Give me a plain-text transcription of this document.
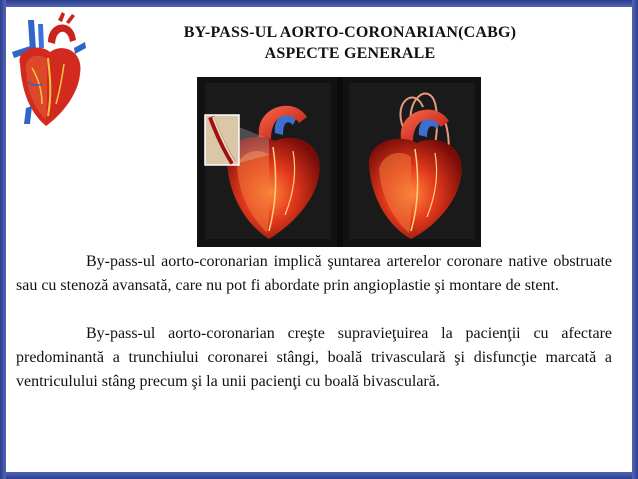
BY-PASS-UL AORTO-CORONARIAN(CABG)
ASPECTE GENERALE

By-pass-ul aorto-coronarian implică şuntarea arterelor coronare native obstruate sau cu stenoză avansată, care nu pot fi abordate prin angioplastie şi montare de stent.

By-pass-ul aorto-coronarian creşte supravieţuirea la pacienţii cu afectare predominantă a trunchiului coronarei stângi, boală trivasculară şi disfuncţie marcată a ventriculului stâng precum şi la unii pacienţi cu boală bivasculară.
